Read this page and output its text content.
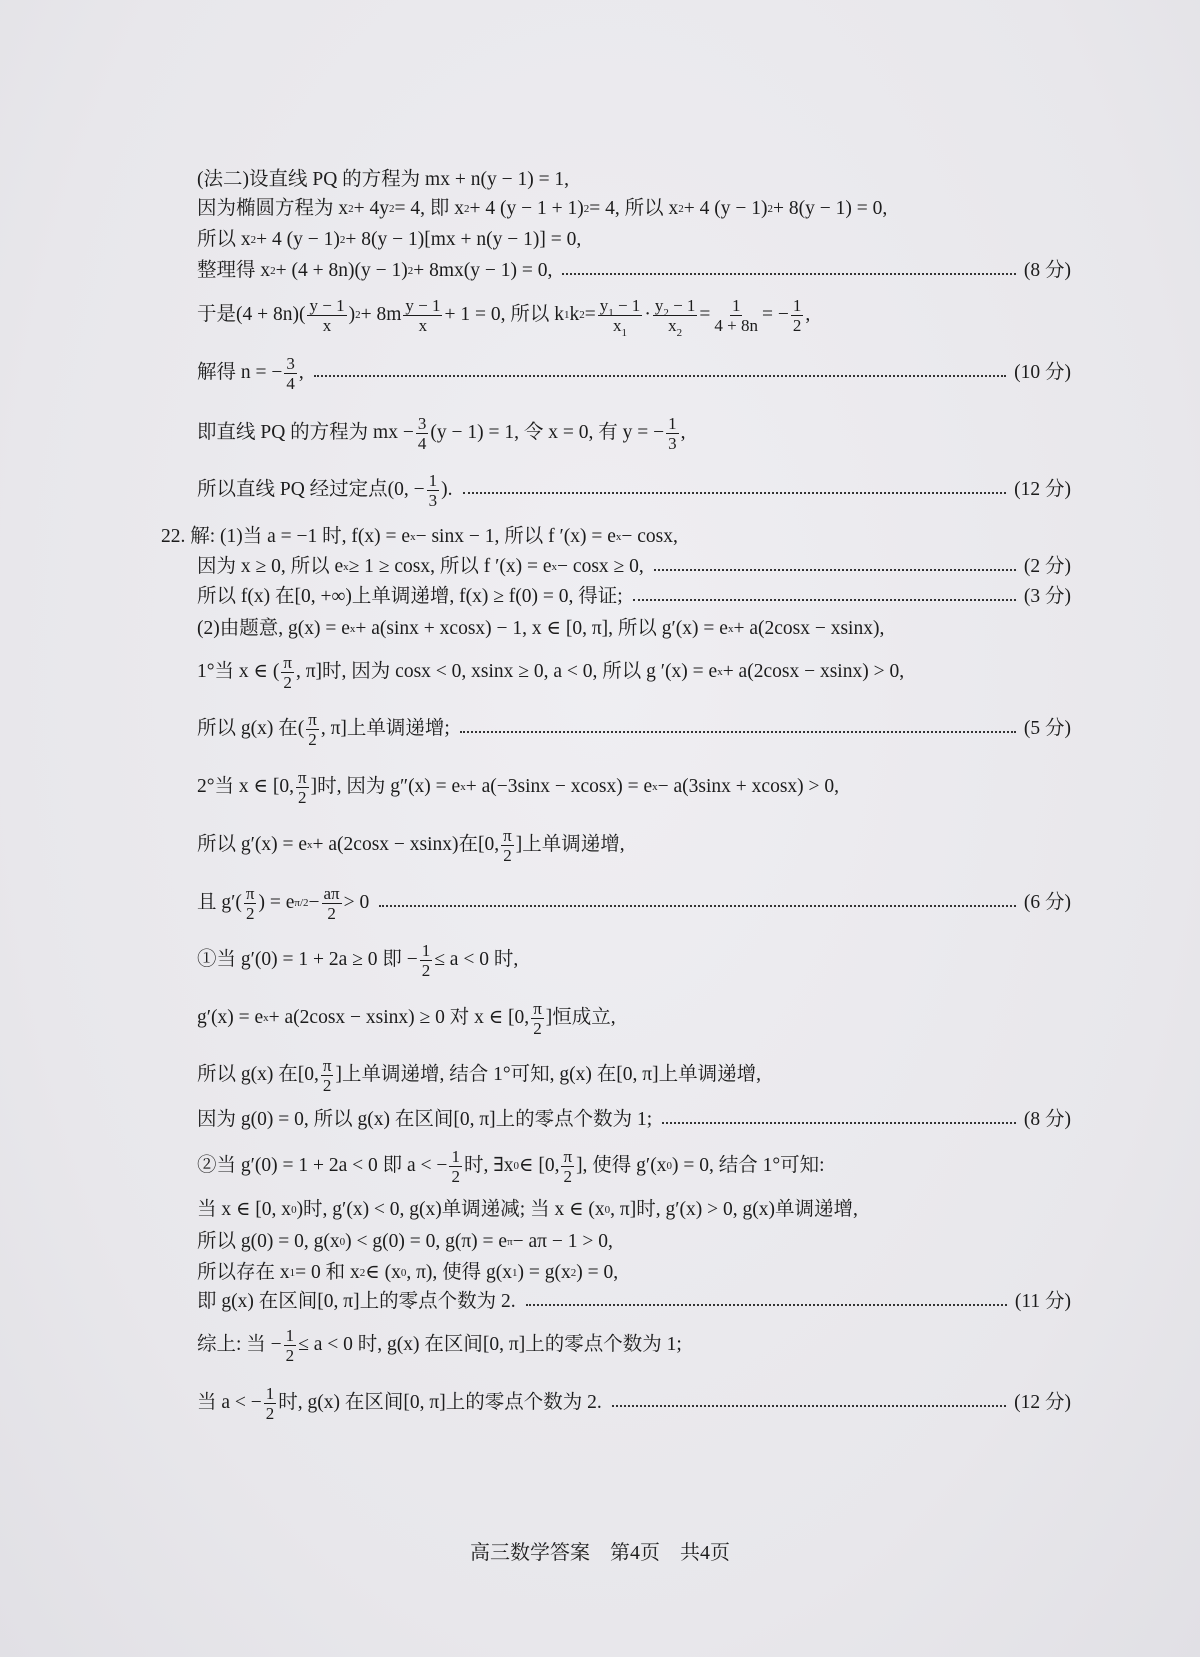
(法二)设直线 PQ 的方程为 mx + n(y − 1) = 1,
因为椭圆方程为 x 2 + 4y 2 = 4, 即 x 2 + 4 (y − 1 + 1) 2 = 4, 所以 x 2 + 4 (y − 1) 2 + 8(y − 1) = 0,
所以 x 2 + 4 (y − 1) 2 + 8(y − 1)[mx + n(y − 1)] = 0,
整理得 x 2 + (4 + 8n)(y − 1) 2 + 8mx(y − 1) = 0,	(8 分)
于是$(4 + 8n)( \frac{y - 1}{x}$ ) $2 + 8m \frac{y - 1}{x} + 1 = 0$, 所以 k 1 k $2 = \frac{y_1 - 1}{x_1} \cdot \frac{y_2 - 1}{x_2} = \frac{1}{4 + 8n}$ = − $\frac{1}{2}$ ,
解得 n = − $\frac{3}{4}$ ,	(10 分)
即直线 PQ 的方程为 mx − $\frac{3}{4} (y - 1) = 1$, 令 x = 0, 有 y = − $\frac{1}{3}$ ,
所以直线 PQ 经过定点(0, − $\frac{1}{3}$ ).	(12 分)
22. 解: (1)当 a = −1 时, f(x) = e x − sinx − 1, 所以 f ′(x) = e x − cosx,
因为 x ≥ 0, 所以 e x ≥ 1 ≥ cosx, 所以 f ′(x) = e x − cosx ≥ 0,	(2 分)
所以 f(x) 在[0, +∞)上单调递增, f(x) ≥ f(0) = 0, 得证;	(3 分)
(2)由题意, g(x) = e x + a(sinx + xcosx) − 1, x ∈ [0, π], 所以 g′(x) = e x + a(2cosx − xsinx),
1°当 x ∈ ( $\frac{\pi}{2}$ , π]时, 因为 cosx < 0, xsinx ≥ 0, a < 0, 所以 g ′(x) = e x + a(2cosx − xsinx) > 0,
所以 g(x) 在( $\frac{\pi}{2}$ , π]上单调递增;	(5 分)
2°当 x ∈ [0, $\frac{\pi}{2}$ ]时, 因为 g″(x) = e x + a(−3sinx − xcosx) = e x − a(3sinx + xcosx) > 0,
所以 g′(x) = e x + a(2cosx − xsinx)在[0, $\frac{\pi}{2}$ ]上单调递增,
且 $g'( \frac{\pi}{2}$ ) = e $\pi/2 - \frac{a\pi}{2} > 0$	(6 分)
①当 g′(0) = 1 + 2a ≥ 0 即 − $\frac{1}{2} \le a < 0$ 时,
g′(x) = e x + a(2cosx − xsinx) ≥ 0 对 x ∈ [0, $\frac{\pi}{2}$ ]恒成立,
所以 g(x) 在[0, $\frac{\pi}{2}$ ]上单调递增, 结合 1°可知, g(x) 在[0, π]上单调递增,
因为 g(0) = 0, 所以 g(x) 在区间[0, π]上的零点个数为 1;	(8 分)
②当 g′(0) = 1 + 2a < 0 即 a < − $\frac{1}{2}$ 时, ∃x 0 ∈ [0, $\frac{\pi}{2}$ ], 使得 g′(x 0 ) = 0, 结合 1°可知:
当 x ∈ [0, x 0 )时, g′(x) < 0, g(x)单调递减; 当 x ∈ (x 0 , π]时, g′(x) > 0, g(x)单调递增,
所以 g(0) = 0, g(x 0 ) < g(0) = 0, g(π) = e π − aπ − 1 > 0,
所以存在 x 1 = 0 和 x 2 ∈ (x 0 , π), 使得 g(x 1 ) = g(x 2 ) = 0,
即 g(x) 在区间[0, π]上的零点个数为 2.	(11 分)
综上: 当 − $\frac{1}{2} \le a < 0$ 时, g(x) 在区间[0, π]上的零点个数为 1;
当 a < − $\frac{1}{2}$ 时, g(x) 在区间[0, π]上的零点个数为 2.	(12 分)
高三数学答案 第4页 共4页
